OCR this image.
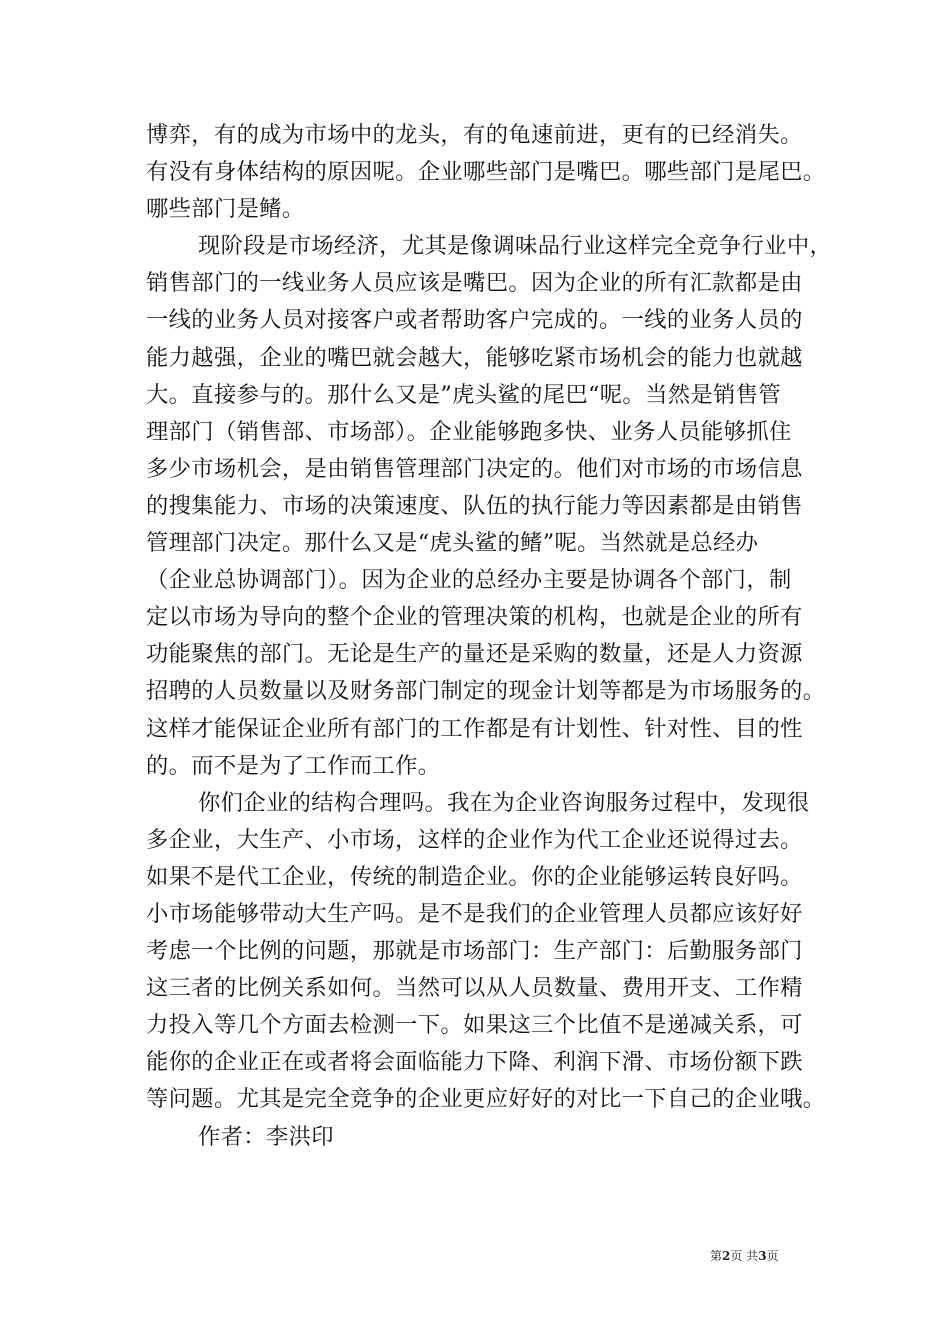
博弈，有的成为市场中的龙头，有的龟速前进，更有的已经消失。
有没有身体结构的原因呢。企业哪些部门是嘴巴。哪些部门是尾巴。
哪些部门是鳍。
现阶段是市场经济，尤其是像调味品行业这样完全竞争行业中，
销售部门的一线业务人员应该是嘴巴。因为企业的所有汇款都是由
一线的业务人员对接客户或者帮助客户完成的。一线的业务人员的
能力越强，企业的嘴巴就会越大，能够吃紧市场机会的能力也就越
大。直接参与的。那什么又是”虎头鲨的尾巴“呢。当然是销售管
理部门（销售部、市场部）。企业能够跑多快、业务人员能够抓住
多少市场机会，是由销售管理部门决定的。他们对市场的市场信息
的搜集能力、市场的决策速度、队伍的执行能力等因素都是由销售
管理部门决定。那什么又是“虎头鲨的鳍”呢。当然就是总经办
（企业总协调部门）。因为企业的总经办主要是协调各个部门，制
定以市场为导向的整个企业的管理决策的机构，也就是企业的所有
功能聚焦的部门。无论是生产的量还是采购的数量，还是人力资源
招聘的人员数量以及财务部门制定的现金计划等都是为市场服务的。
这样才能保证企业所有部门的工作都是有计划性、针对性、目的性
的。而不是为了工作而工作。
你们企业的结构合理吗。我在为企业咨询服务过程中，发现很
多企业，大生产、小市场，这样的企业作为代工企业还说得过去。
如果不是代工企业，传统的制造企业。你的企业能够运转良好吗。
小市场能够带动大生产吗。是不是我们的企业管理人员都应该好好
考虑一个比例的问题，那就是市场部门：生产部门：后勤服务部门
这三者的比例关系如何。当然可以从人员数量、费用开支、工作精
力投入等几个方面去检测一下。如果这三个比值不是递减关系，可
能你的企业正在或者将会面临能力下降、利润下滑、市场份额下跌
等问题。尤其是完全竞争的企业更应好好的对比一下自己的企业哦。
作者：李洪印
第2页 共3页
